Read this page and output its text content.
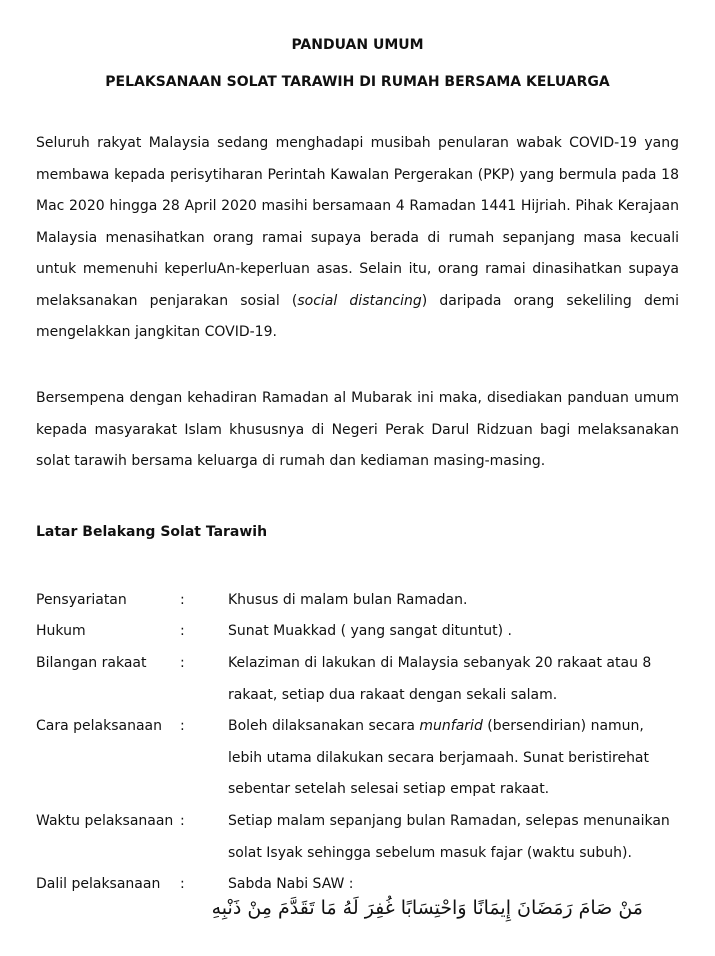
PANDUAN UMUM
PELAKSANAAN SOLAT TARAWIH DI RUMAH BERSAMA KELUARGA
Seluruh rakyat Malaysia sedang menghadapi musibah penularan wabak COVID-19 yang membawa kepada perisytiharan Perintah Kawalan Pergerakan (PKP) yang bermula pada 18 Mac 2020 hingga 28 April 2020 masihi bersamaan 4 Ramadan 1441 Hijriah. Pihak Kerajaan Malaysia menasihatkan orang ramai supaya berada di rumah sepanjang masa kecuali untuk memenuhi keperluAn-keperluan asas. Selain itu, orang ramai dinasihatkan supaya melaksanakan penjarakan sosial (social distancing) daripada orang sekeliling demi mengelakkan jangkitan COVID-19.
Bersempena dengan kehadiran Ramadan al Mubarak ini maka, disediakan panduan umum kepada masyarakat Islam khususnya di Negeri Perak Darul Ridzuan bagi melaksanakan solat tarawih bersama keluarga di rumah dan kediaman masing-masing.
Latar Belakang Solat Tarawih
Pensyariatan	:	Khusus di malam bulan Ramadan.
Hukum	:	Sunat Muakkad ( yang sangat dituntut) .
Bilangan rakaat :	Kelaziman di lakukan di Malaysia sebanyak 20 rakaat atau 8 rakaat, setiap dua rakaat dengan sekali salam.
Cara pelaksanaan :	Boleh dilaksanakan secara munfarid (bersendirian) namun, lebih utama dilakukan secara berjamaah. Sunat beristirehat sebentar setelah selesai setiap empat rakaat.
Waktu pelaksanaan :	Setiap malam sepanjang bulan Ramadan, selepas menunaikan solat Isyak sehingga sebelum masuk fajar (waktu subuh).
Dalil pelaksanaan :	Sabda Nabi SAW :
مَنْ صَامَ رَمَضَانَ إِيمَانًا وَاحْتِسَابًا غُفِرَ لَهُ مَا تَقَدَّمَ مِنْ ذَنْبِهِ
